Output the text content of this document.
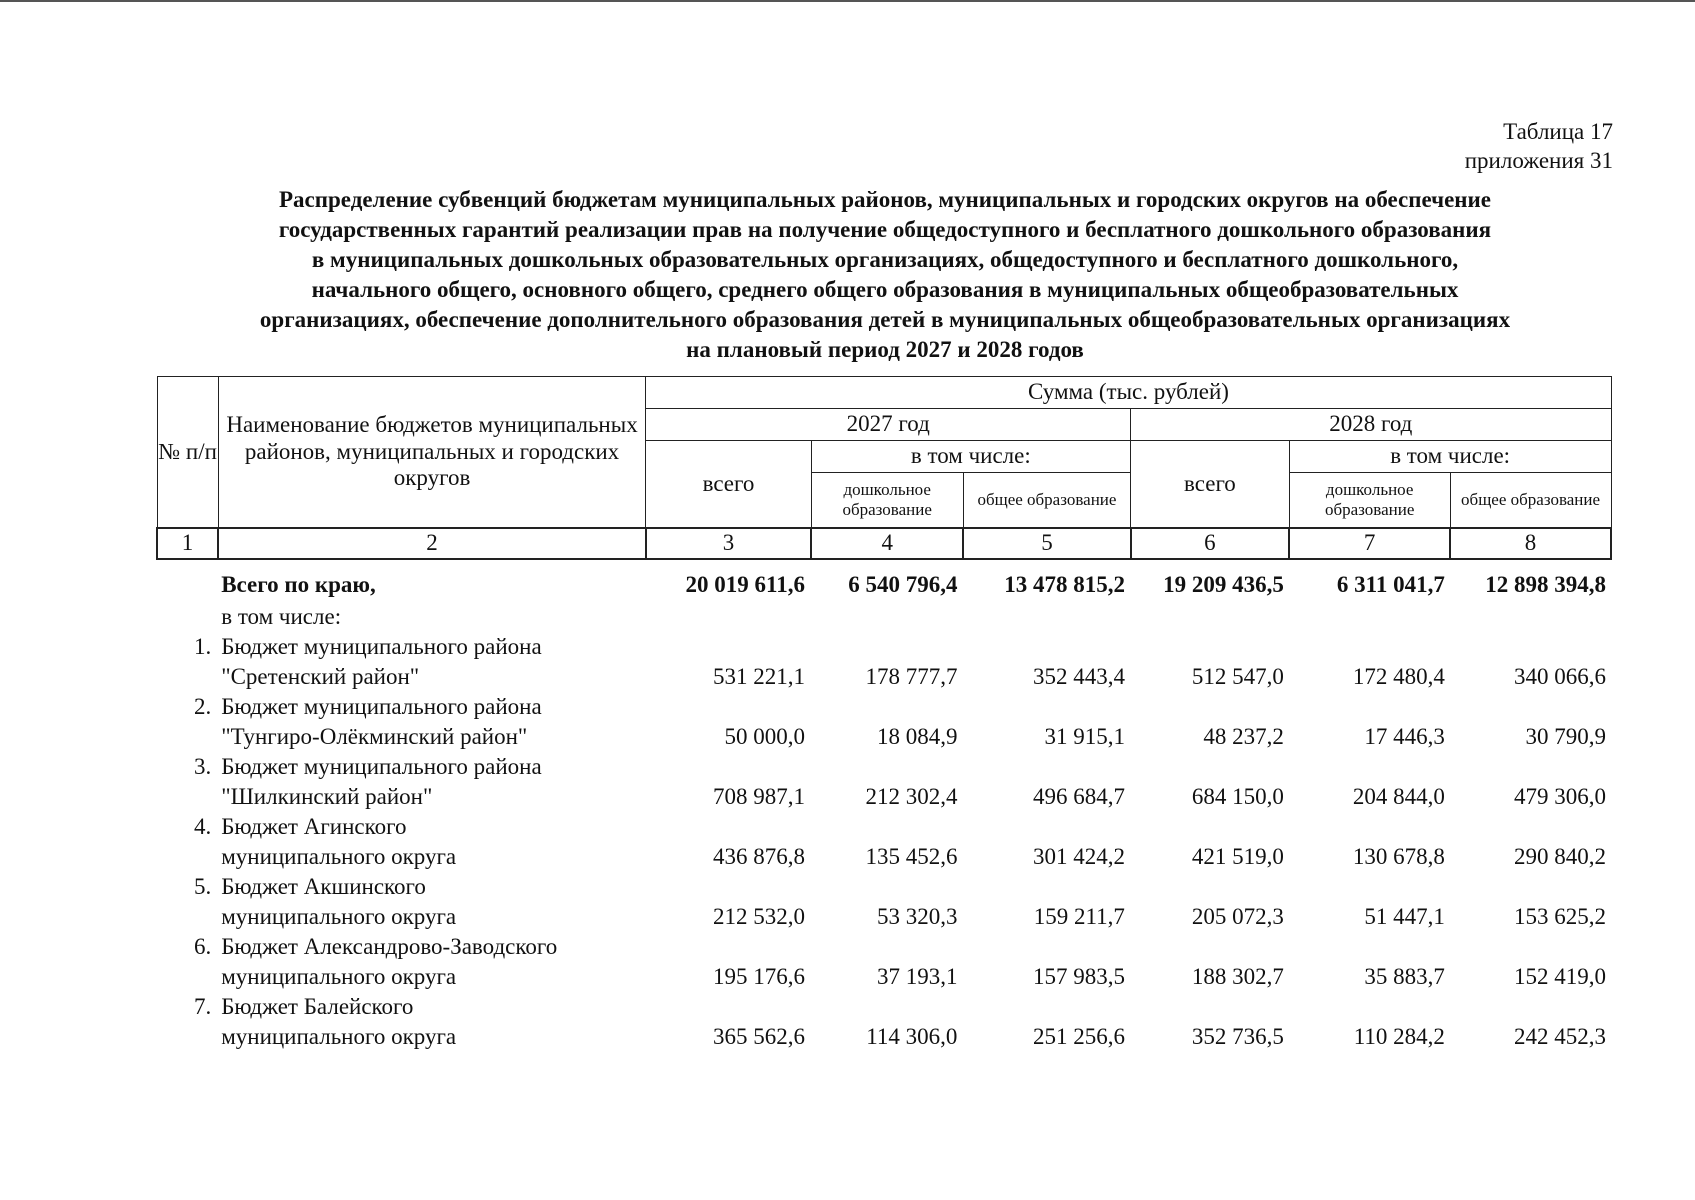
Таблица 17
приложения 31
Распределение субвенций бюджетам муниципальных районов, муниципальных и городских округов на обеспечение
государственных гарантий реализации прав на получение общедоступного и бесплатного дошкольного образования
в муниципальных дошкольных образовательных организациях, общедоступного и бесплатного дошкольного,
начального общего, основного общего, среднего общего образования в муниципальных общеобразовательных
организациях, обеспечение дополнительного образования детей в муниципальных общеобразовательных организациях
на плановый период 2027 и 2028 годов
№ п/п	Наименование бюджетов муниципальных районов, муниципальных и городских округов	Сумма (тыс. рублей)					
		2027 год			2028 год		
		всего	в том числе:		всего	в том числе:	
			дошкольное образование	общее образование		дошкольное образование	общее образование
1	2	3	4	5	6	7	8
	Всего по краю,	20 019 611,6	6 540 796,4	13 478 815,2	19 209 436,5	6 311 041,7	12 898 394,8
	в том числе:						
1.	Бюджет муниципального района
"Сретенский район"	531 221,1	178 777,7	352 443,4	512 547,0	172 480,4	340 066,6
2.	Бюджет муниципального района
"Тунгиро-Олёкминский район"	50 000,0	18 084,9	31 915,1	48 237,2	17 446,3	30 790,9
3.	Бюджет муниципального района
"Шилкинский район"	708 987,1	212 302,4	496 684,7	684 150,0	204 844,0	479 306,0
4.	Бюджет Агинского
муниципального округа	436 876,8	135 452,6	301 424,2	421 519,0	130 678,8	290 840,2
5.	Бюджет Акшинского
муниципального округа	212 532,0	53 320,3	159 211,7	205 072,3	51 447,1	153 625,2
6.	Бюджет Александрово-Заводского
муниципального округа	195 176,6	37 193,1	157 983,5	188 302,7	35 883,7	152 419,0
7.	Бюджет Балейского
муниципального округа	365 562,6	114 306,0	251 256,6	352 736,5	110 284,2	242 452,3
